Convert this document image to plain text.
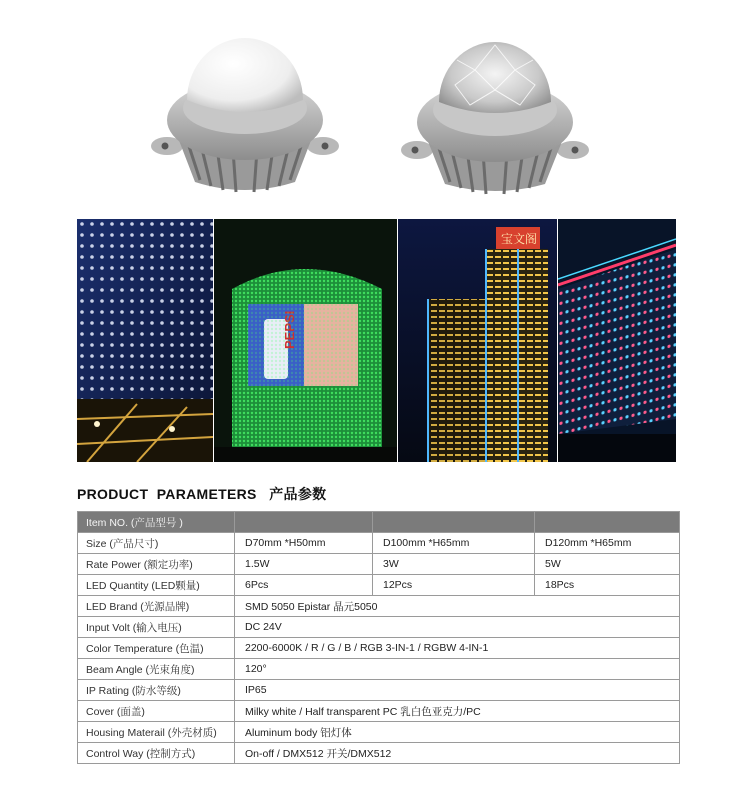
PEPSI
宝文阁
PRODUCT  PARAMETERS   产品参数
Item NO. (产品型号 )			
Size (产品尺寸)	D70mm *H50mm	D100mm *H65mm	D120mm *H65mm
Rate Power (额定功率)	1.5W	3W	5W
LED Quantity (LED颗量)	6Pcs	12Pcs	18Pcs
LED Brand (光源品牌)	SMD 5050 Epistar 晶元5050		
Input Volt (输入电压)	DC 24V		
Color Temperature (色温)	2200-6000K / R / G / B / RGB 3-IN-1 / RGBW 4-IN-1		
Beam Angle (光束角度)	120°		
IP Rating (防水等级)	IP65		
Cover (面盖)	Milky white / Half transparent PC 乳白色亚克力/PC		
Housing Materail (外壳材质)	Aluminum body 铝灯体		
Control Way (控制方式)	On-off / DMX512 开关/DMX512		
